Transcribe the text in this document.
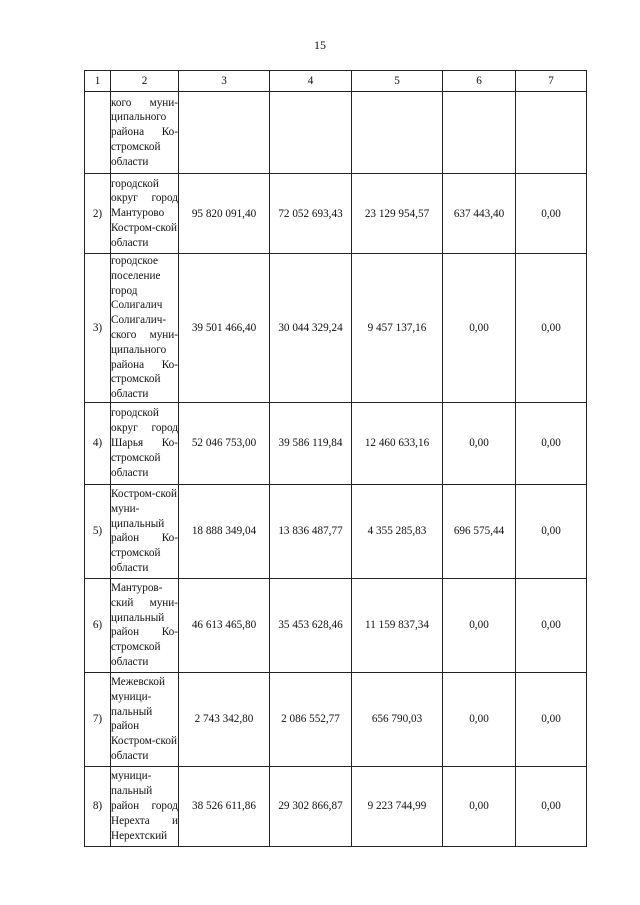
15
1	2	3	4	5	6	7
	кого муни-ципального района Ко-стромской области					
2)	городской округ город Мантурово Костром-ской области	95 820 091,40	72 052 693,43	23 129 954,57	637 443,40	0,00
3)	городское поселение город Солигалич Солигалич-ского муни-ципального района Ко-стромской области	39 501 466,40	30 044 329,24	9 457 137,16	0,00	0,00
4)	городской округ город Шарья Ко-стромской области	52 046 753,00	39 586 119,84	12 460 633,16	0,00	0,00
5)	Костром-ской муни-ципальный район Ко-стромской области	18 888 349,04	13 836 487,77	4 355 285,83	696 575,44	0,00
6)	Мантуров-ский муни-ципальный район Ко-стромской области	46 613 465,80	35 453 628,46	11 159 837,34	0,00	0,00
7)	Межевской муници-пальный район Костром-ской области	2 743 342,80	2 086 552,77	656 790,03	0,00	0,00
8)	муници-пальный район город Нерехта и Нерехтский	38 526 611,86	29 302 866,87	9 223 744,99	0,00	0,00
